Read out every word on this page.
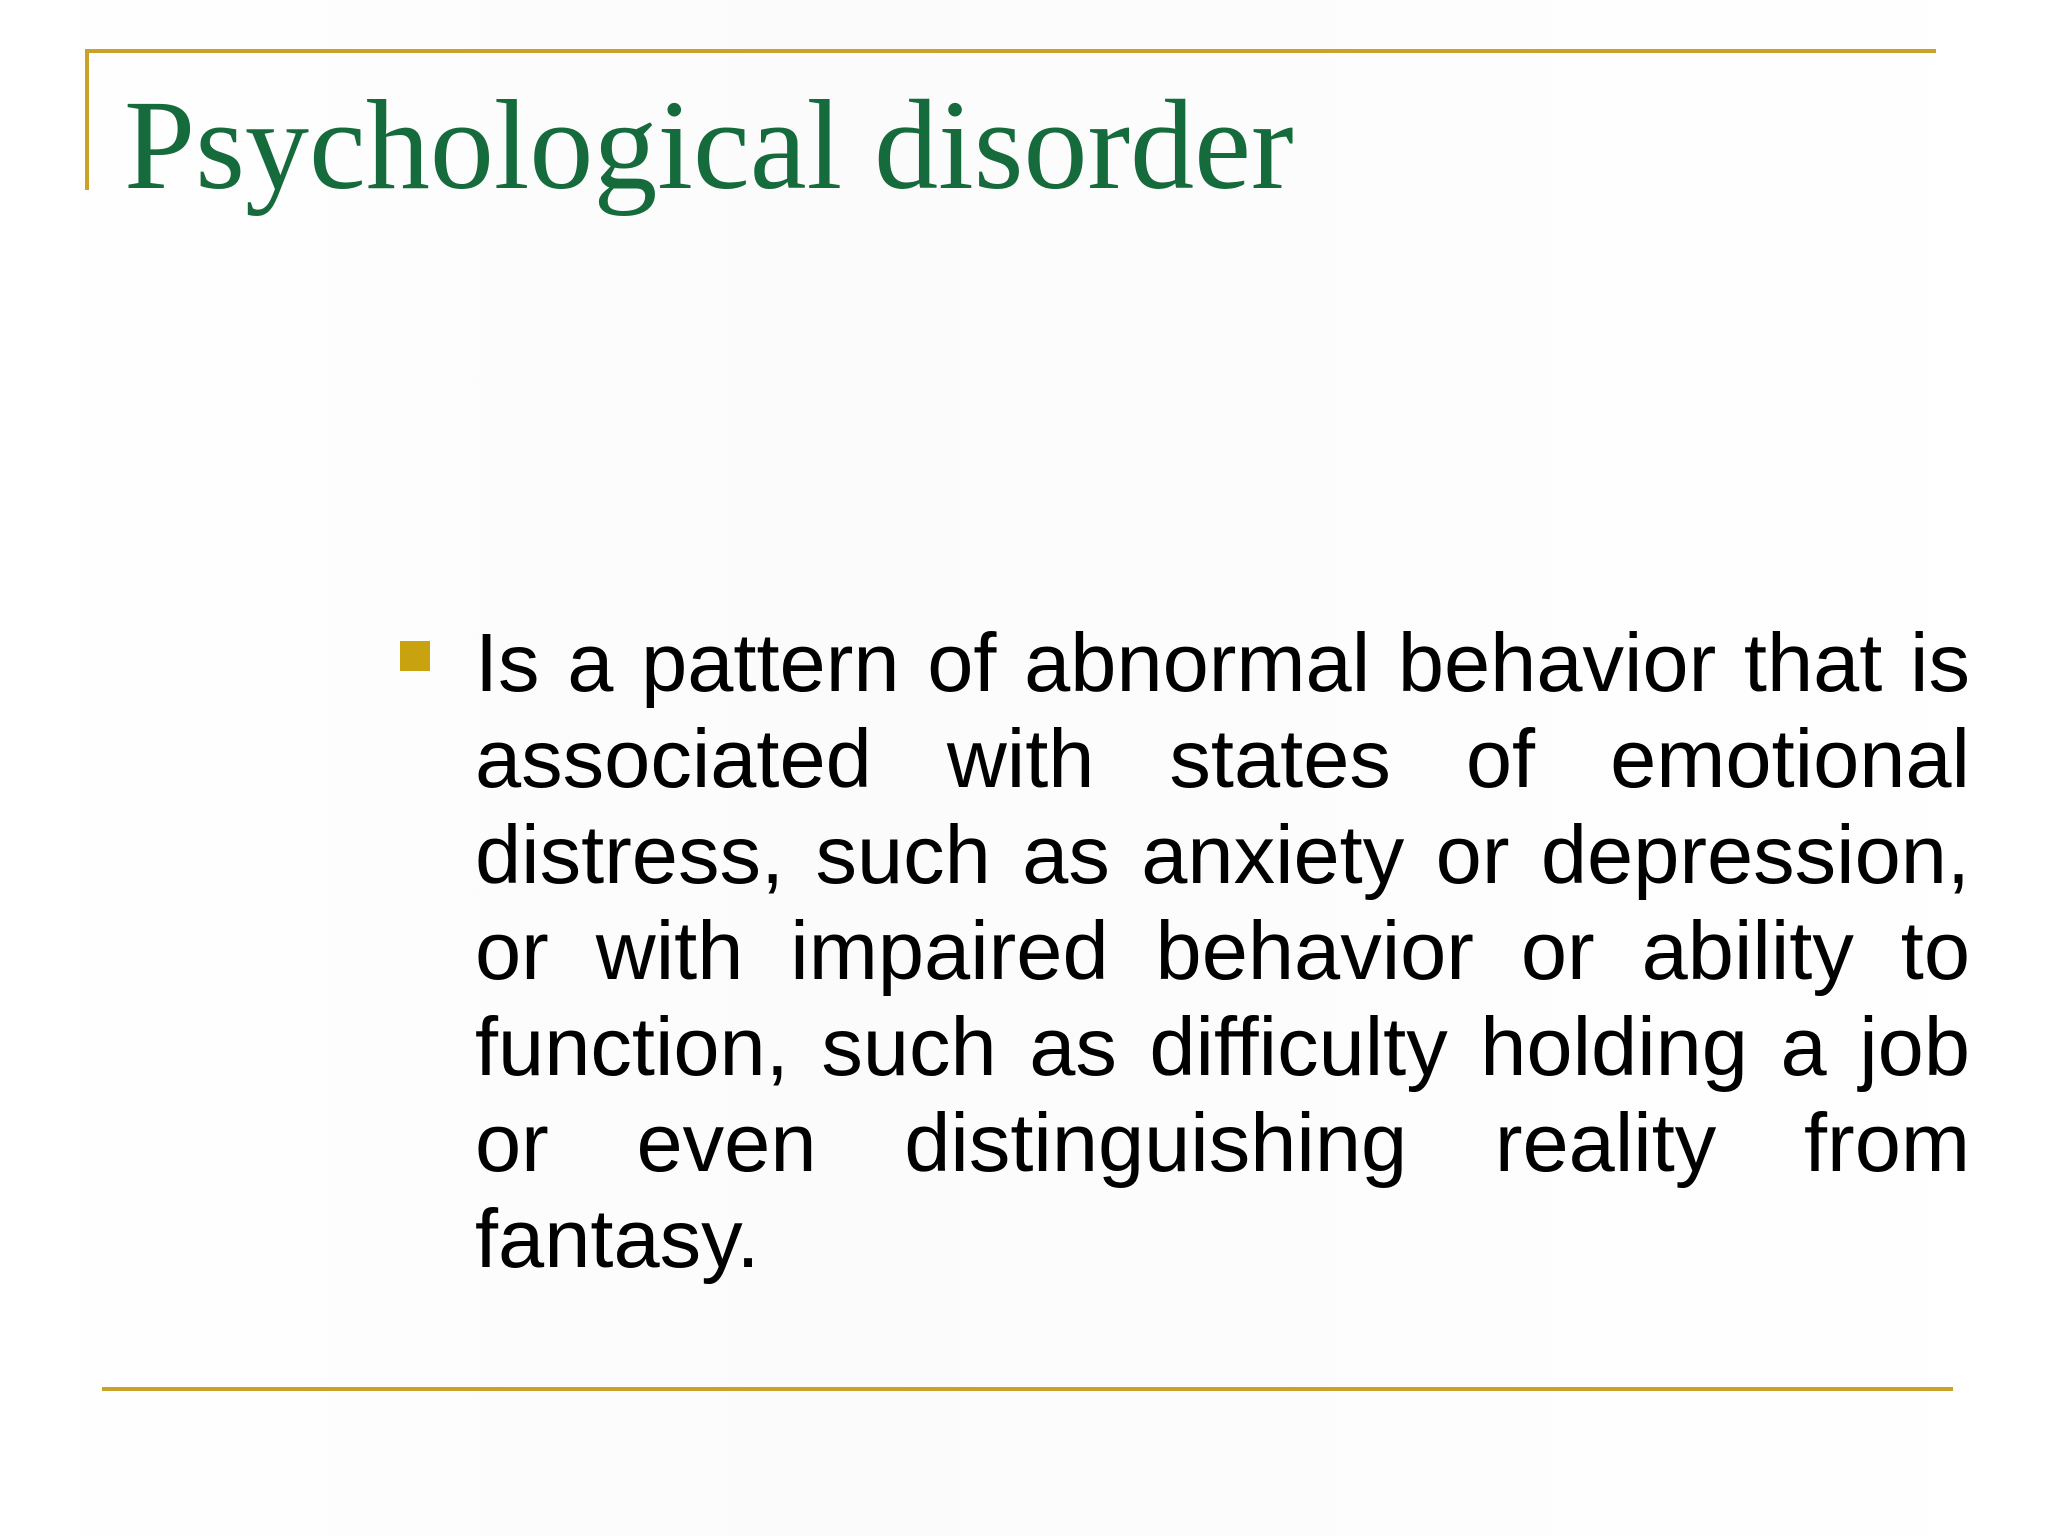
Psychological disorder
Is a pattern of abnormal behavior that is associated with states of emotional distress, such as anxiety or depression, or with impaired behavior or ability to function, such as difficulty holding a job or even distinguishing reality from fantasy.
